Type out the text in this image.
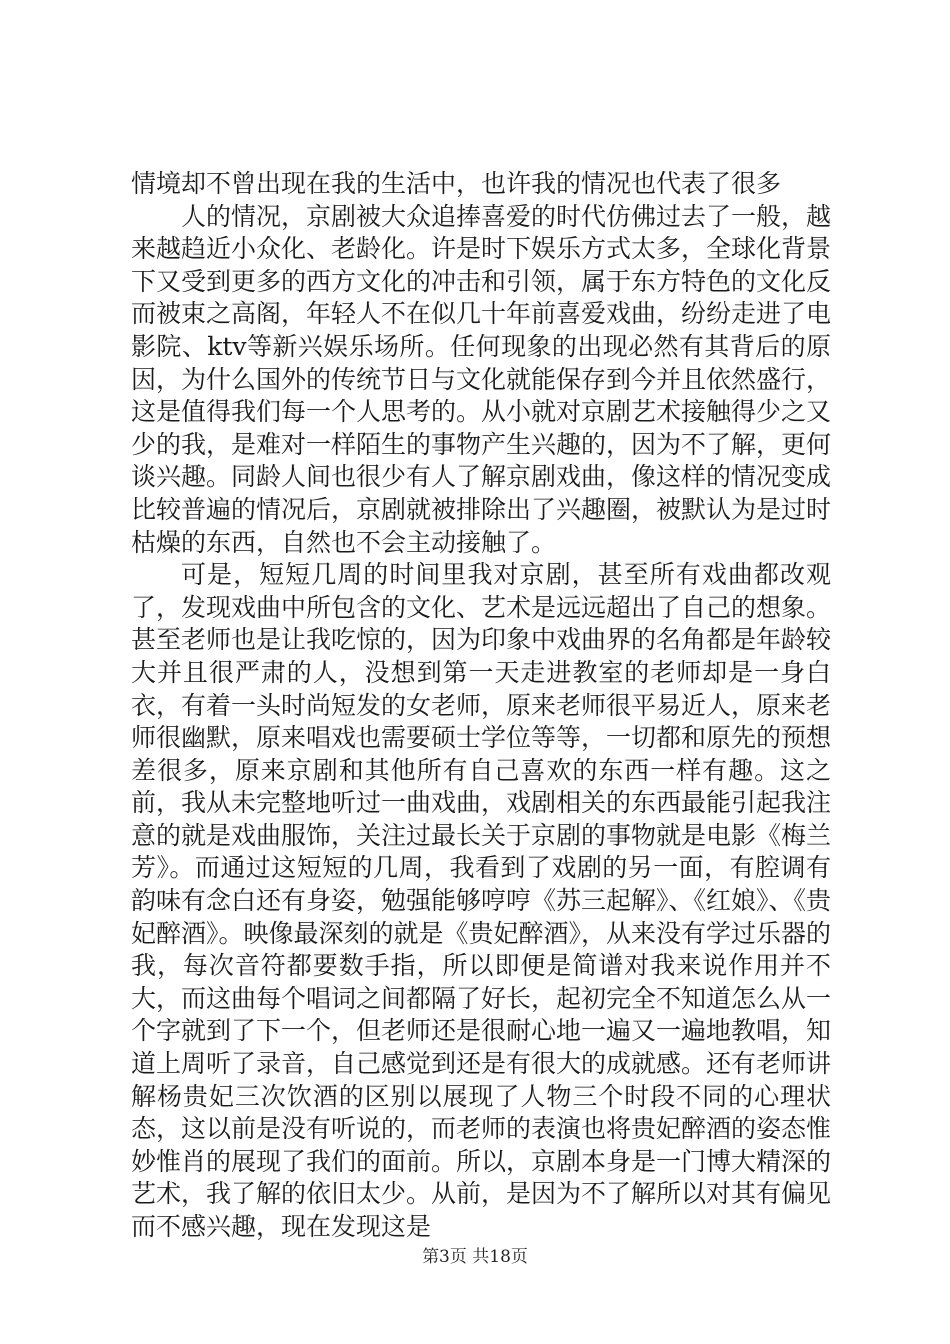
情境却不曾出现在我的生活中，也许我的情况也代表了很多

人的情况，京剧被大众追捧喜爱的时代仿佛过去了一般，越来越趋近小众化、老龄化。许是时下娱乐方式太多，全球化背景下又受到更多的西方文化的冲击和引领，属于东方特色的文化反而被束之高阁，年轻人不在似几十年前喜爱戏曲，纷纷走进了电影院、ktv等新兴娱乐场所。任何现象的出现必然有其背后的原因，为什么国外的传统节日与文化就能保存到今并且依然盛行，这是值得我们每一个人思考的。从小就对京剧艺术接触得少之又少的我，是难对一样陌生的事物产生兴趣的，因为不了解，更何谈兴趣。同龄人间也很少有人了解京剧戏曲，像这样的情况变成比较普遍的情况后，京剧就被排除出了兴趣圈，被默认为是过时枯燥的东西，自然也不会主动接触了。

可是，短短几周的时间里我对京剧，甚至所有戏曲都改观了，发现戏曲中所包含的文化、艺术是远远超出了自己的想象。甚至老师也是让我吃惊的，因为印象中戏曲界的名角都是年龄较大并且很严肃的人，没想到第一天走进教室的老师却是一身白衣，有着一头时尚短发的女老师，原来老师很平易近人，原来老师很幽默，原来唱戏也需要硕士学位等等，一切都和原先的预想差很多，原来京剧和其他所有自己喜欢的东西一样有趣。这之前，我从未完整地听过一曲戏曲，戏剧相关的东西最能引起我注意的就是戏曲服饰，关注过最长关于京剧的事物就是电影《梅兰芳》。而通过这短短的几周，我看到了戏剧的另一面，有腔调有韵味有念白还有身姿，勉强能够哼哼《苏三起解》、《红娘》、《贵妃醉酒》。映像最深刻的就是《贵妃醉酒》，从来没有学过乐器的我，每次音符都要数手指，所以即便是简谱对我来说作用并不大，而这曲每个唱词之间都隔了好长，起初完全不知道怎么从一个字就到了下一个，但老师还是很耐心地一遍又一遍地教唱，知道上周听了录音，自己感觉到还是有很大的成就感。还有老师讲解杨贵妃三次饮酒的区别以展现了人物三个时段不同的心理状态，这以前是没有听说的，而老师的表演也将贵妃醉酒的姿态惟妙惟肖的展现了我们的面前。所以，京剧本身是一门博大精深的艺术，我了解的依旧太少。从前，是因为不了解所以对其有偏见而不感兴趣，现在发现这是

第3页 共18页
